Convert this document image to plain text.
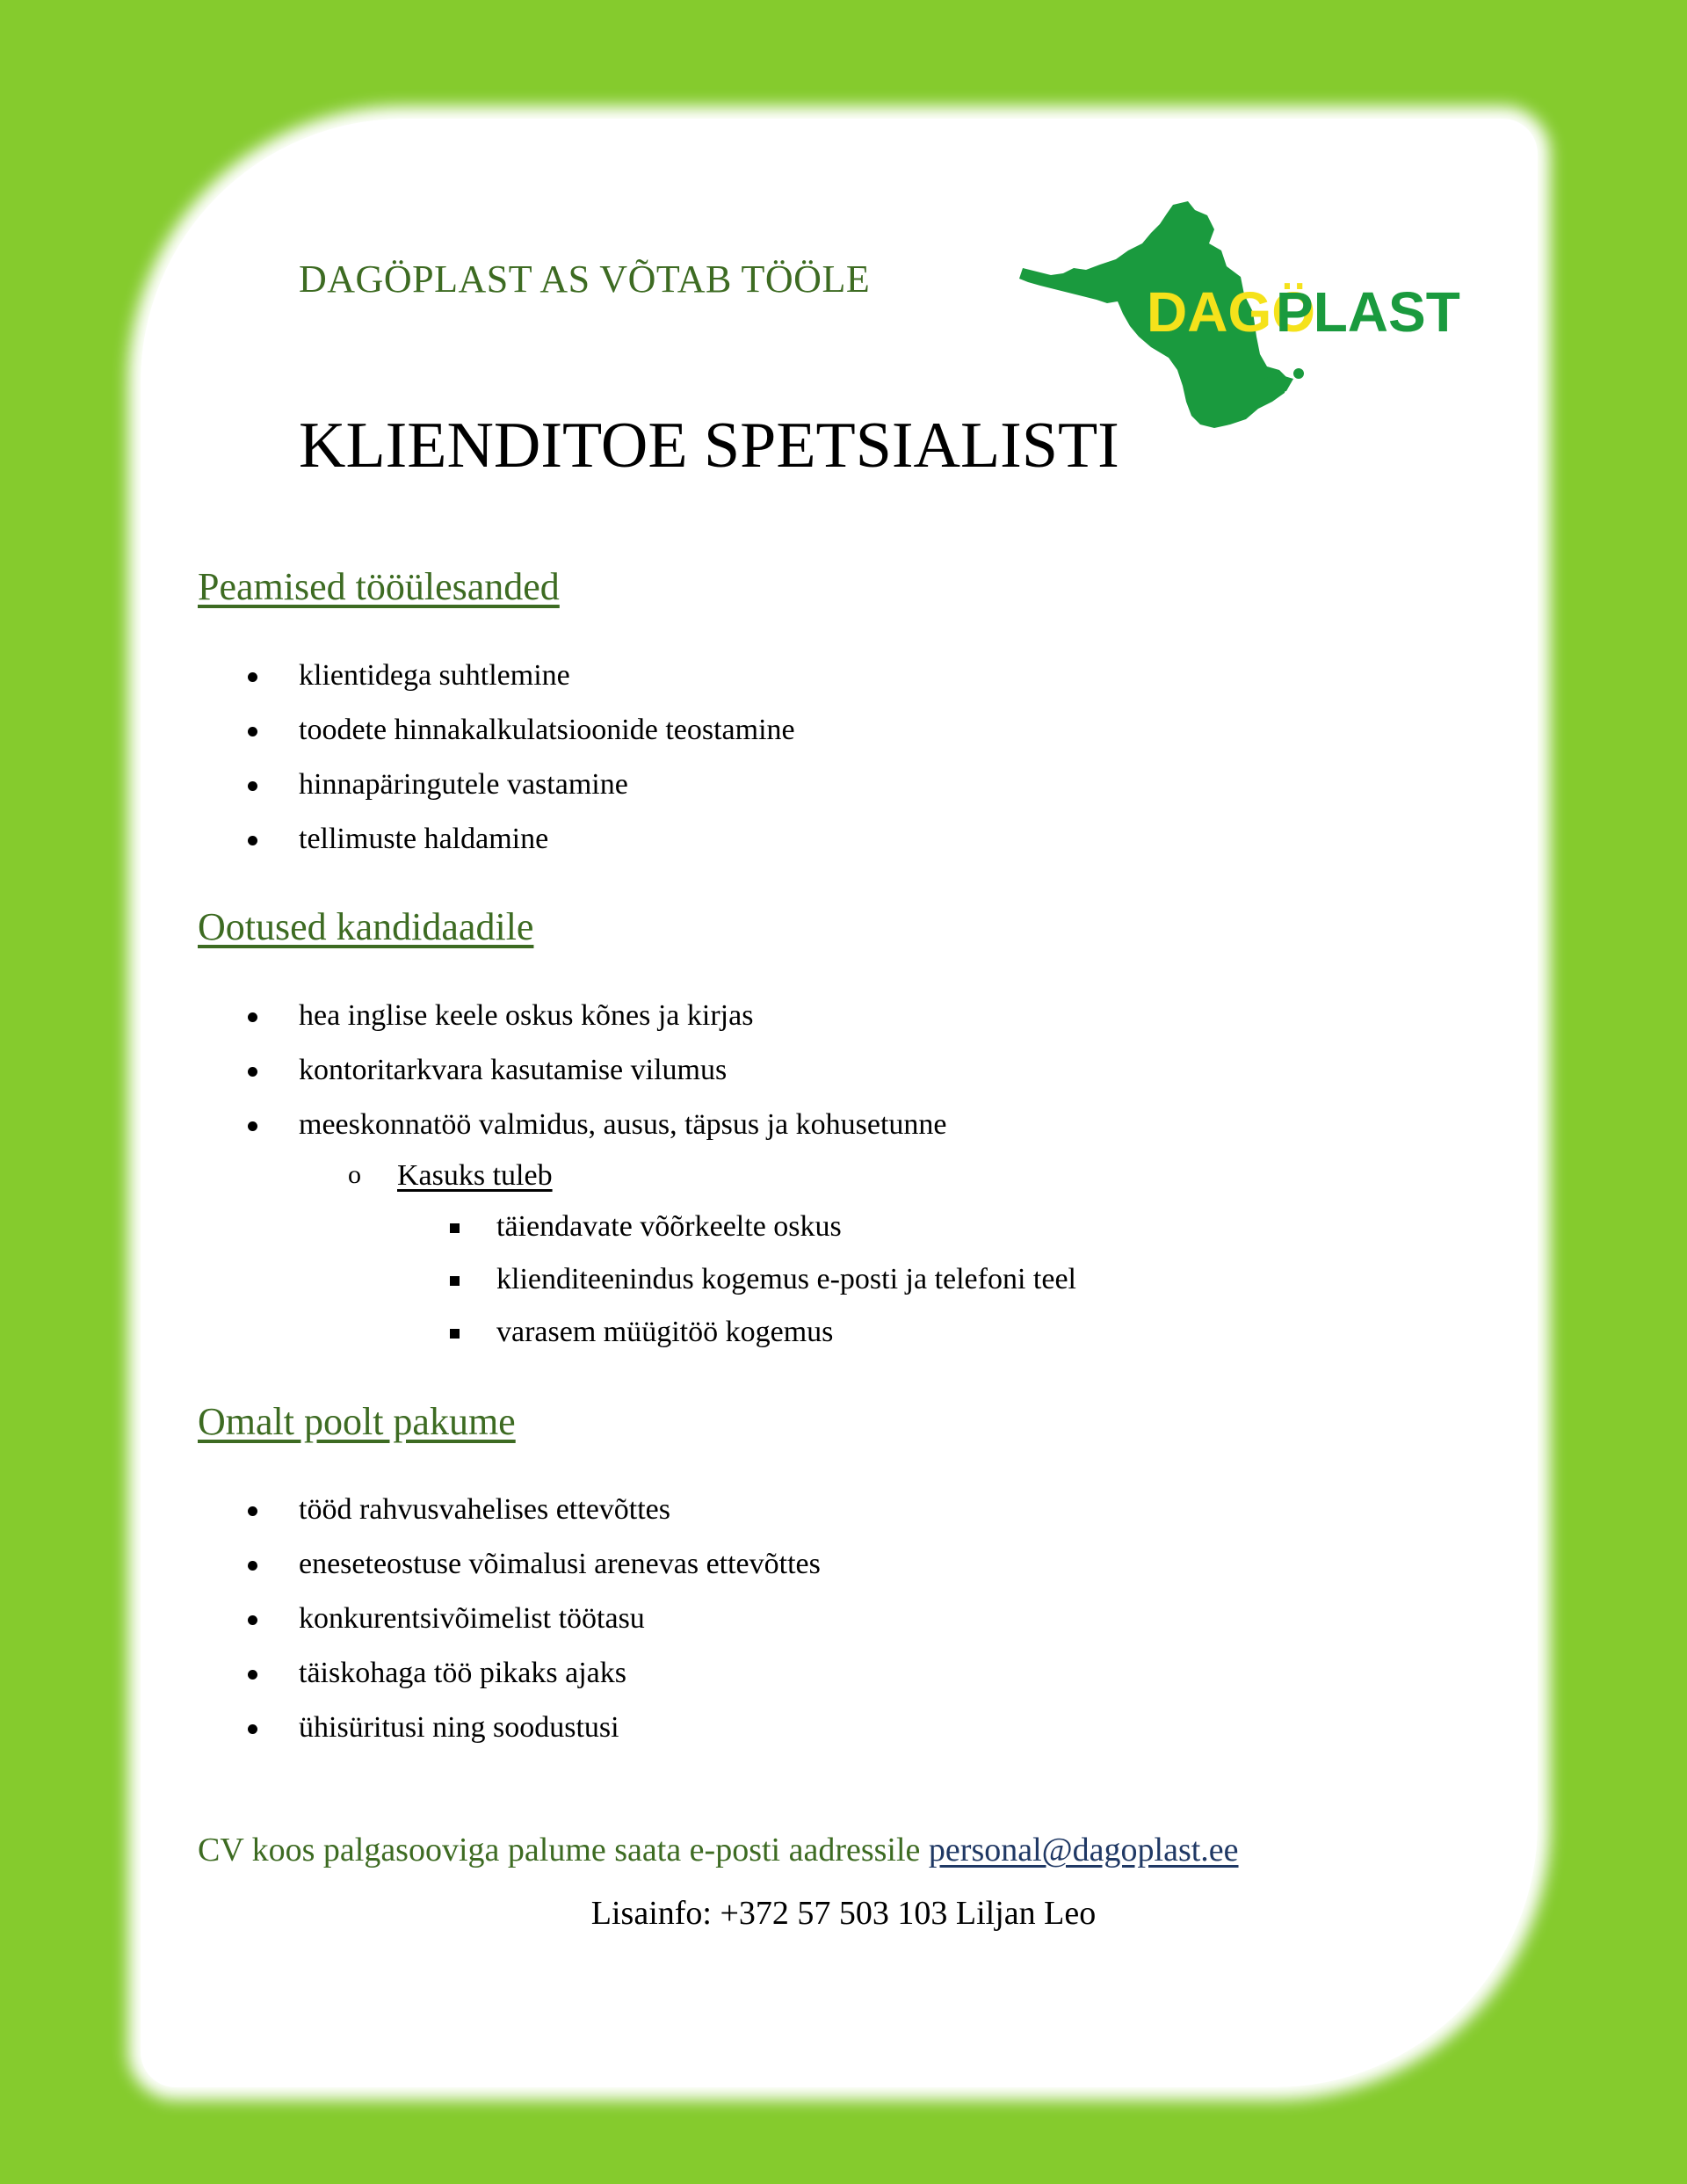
DAGÖPLAST AS VÕTAB TÖÖLE
DAGÖ
PLAST
KLIENDITOE SPETSIALISTI
Peamised tööülesanded
klientidega suhtlemine
toodete hinnakalkulatsioonide teostamine
hinnapäringutele vastamine
tellimuste haldamine
Ootused kandidaadile
hea inglise keele oskus kõnes ja kirjas
kontoritarkvara kasutamise vilumus
meeskonnatöö valmidus, ausus, täpsus ja kohusetunne
o Kasuks tuleb
täiendavate võõrkeelte oskus
klienditeenindus kogemus e-posti ja telefoni teel
varasem müügitöö kogemus
Omalt poolt pakume
tööd rahvusvahelises ettevõttes
eneseteostuse võimalusi arenevas ettevõttes
konkurentsivõimelist töötasu
täiskohaga töö pikaks ajaks
ühisüritusi ning soodustusi
CV koos palgasooviga palume saata e-posti aadressile personal@dagoplast.ee
Lisainfo: +372 57 503 103 Liljan Leo
